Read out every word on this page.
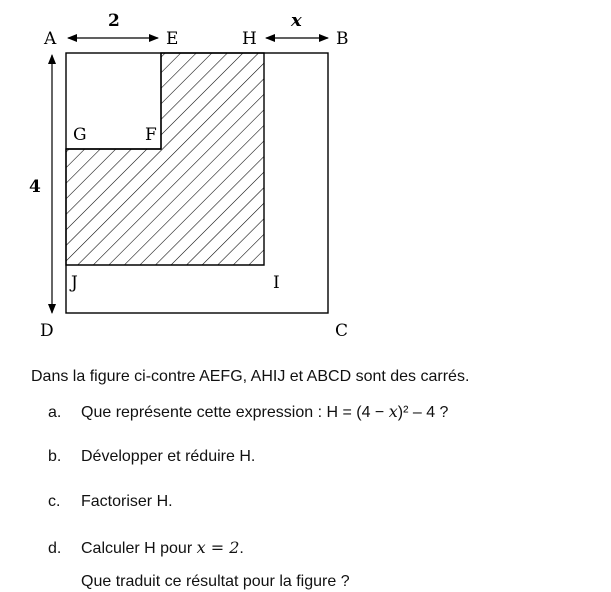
2	x
4
A	E	H	B
G	F
J	I
D	C
Dans la figure ci-contre AEFG, AHIJ et ABCD sont des carrés.
a. Que représente cette expression : H = (4 − x)² – 4 ?
b. Développer et réduire H.
c. Factoriser H.
d. Calculer H pour x = 2.
Que traduit ce résultat pour la figure ?
